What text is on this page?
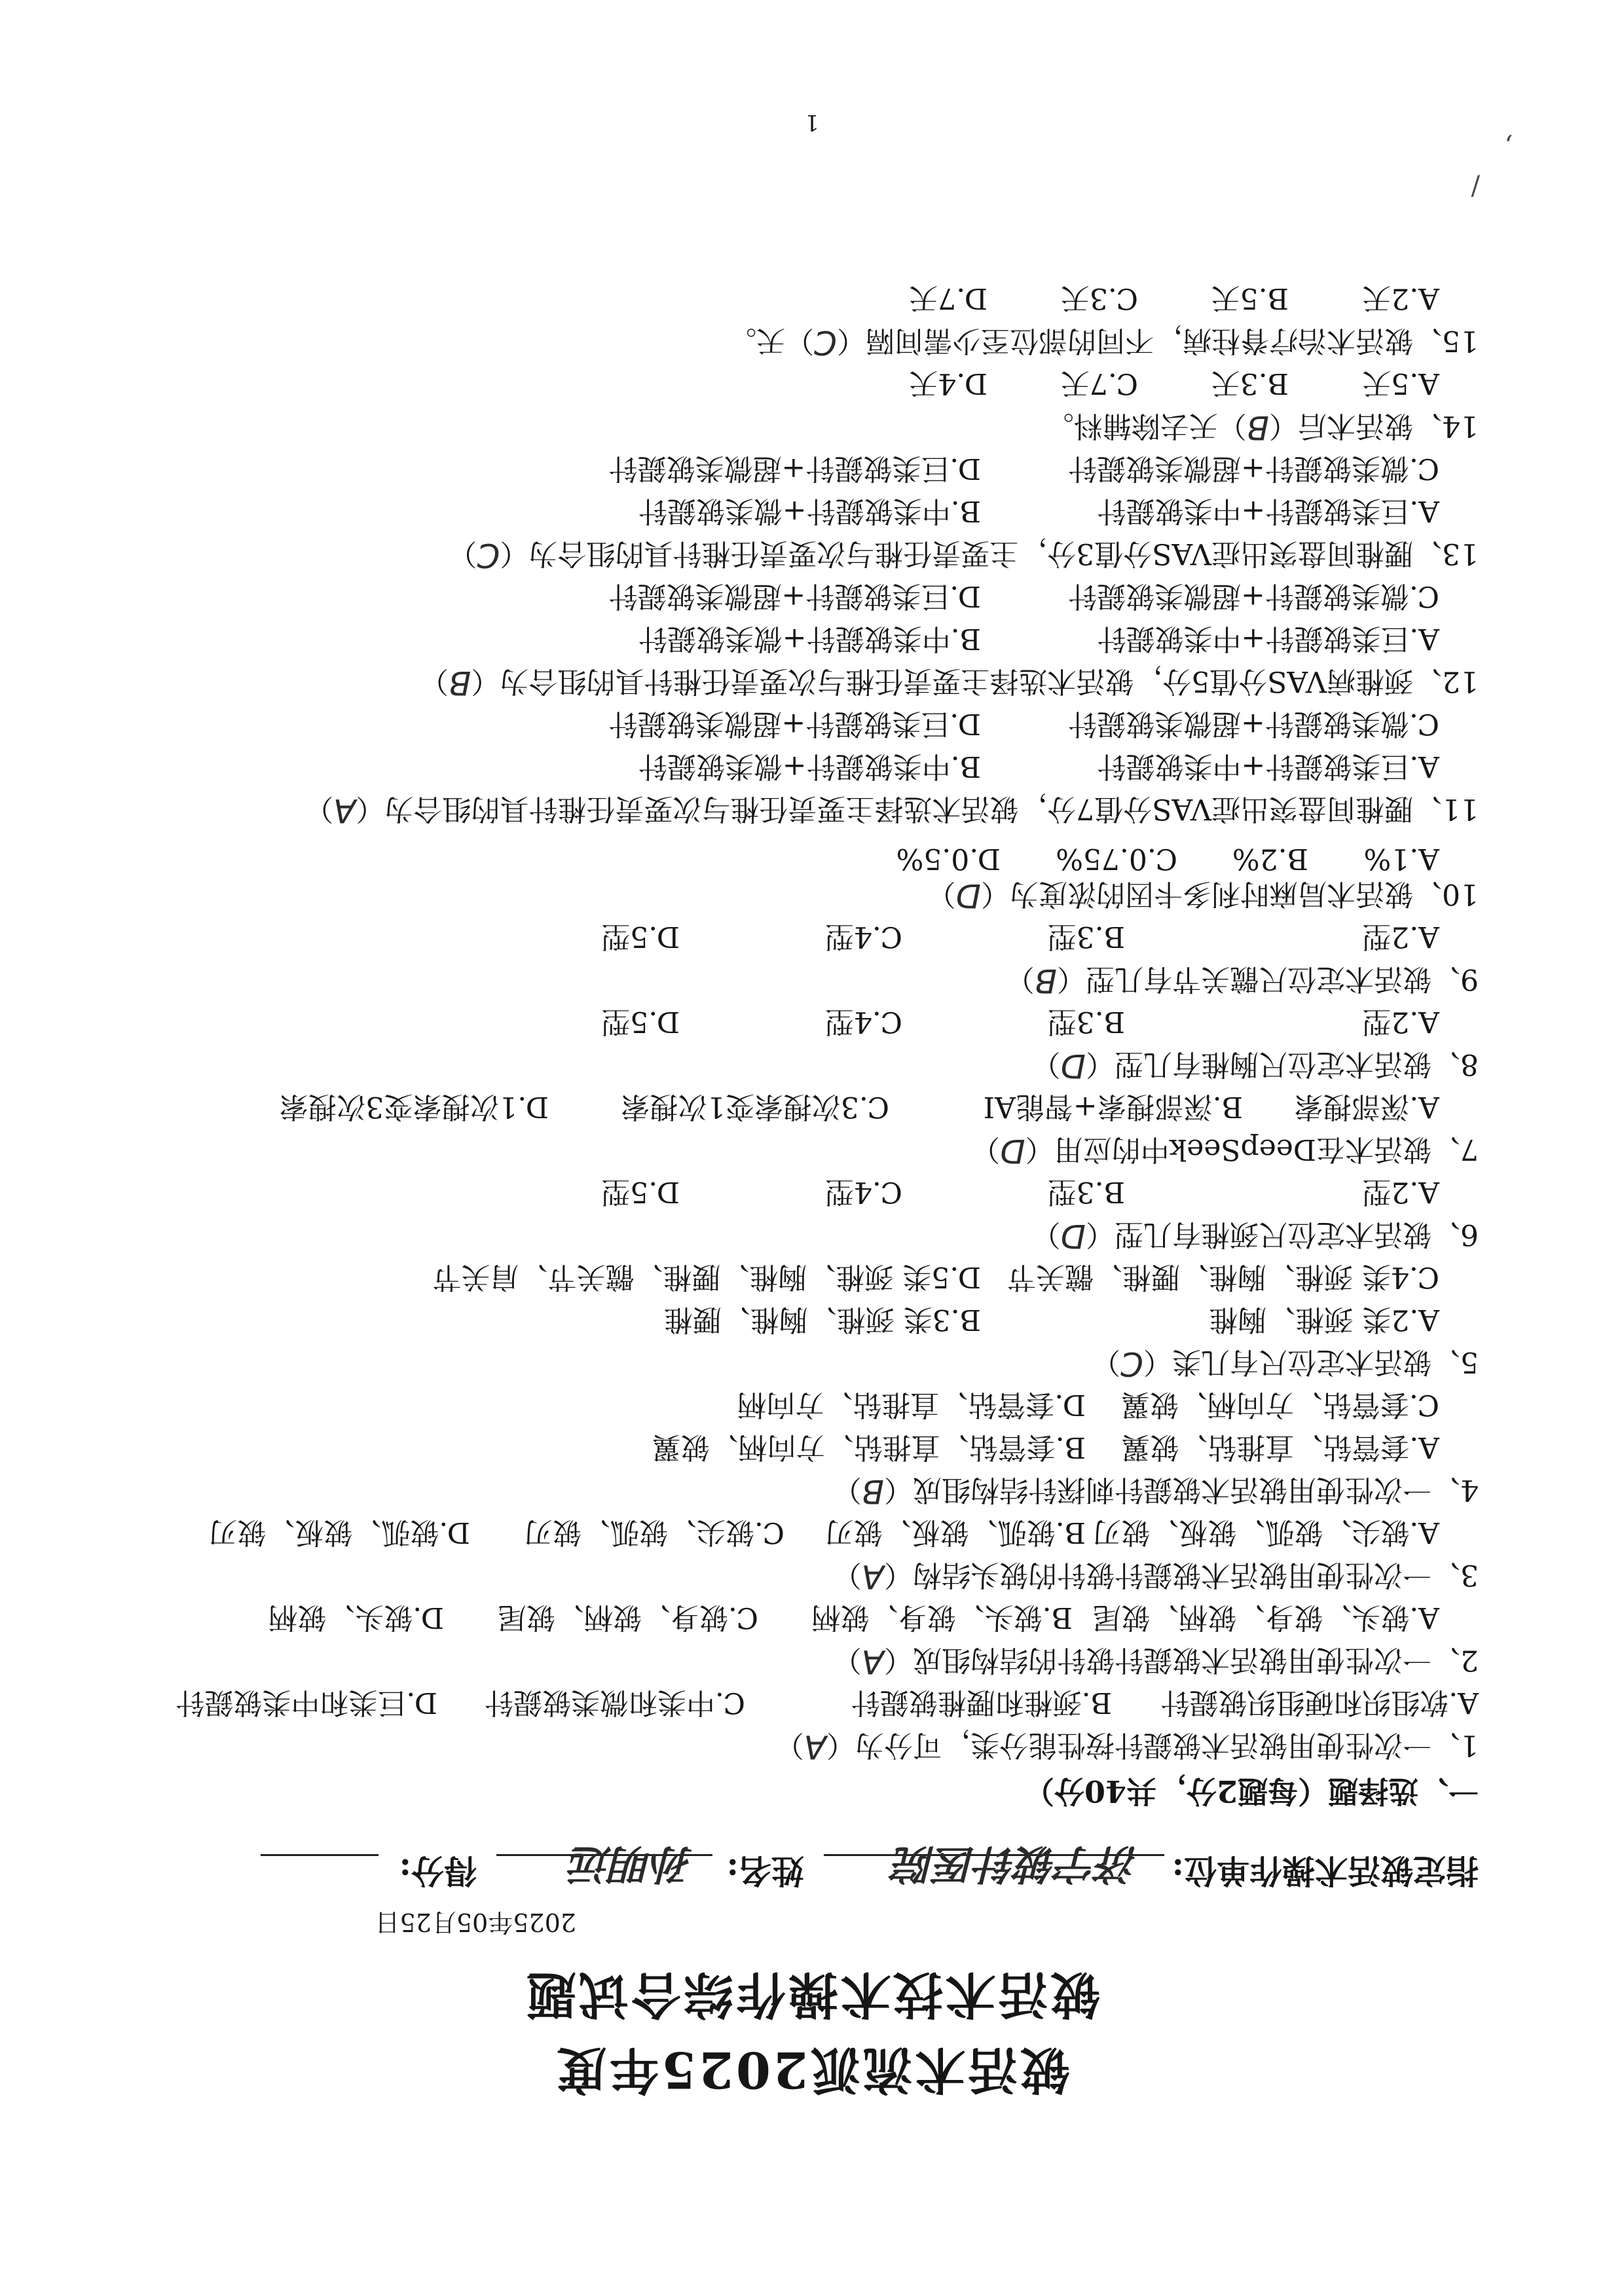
铍活术流派2025年度
铍活术技术操作综合试题
2025年05月25日
指定铍活术操作单位:
济宁铍针医院
姓名:
孙明远
得分:
一、选择题（每题2分，共40分）
1、一次性使用铍活术铍鍉针按性能分类，可分为（A）
A.软组织和硬组织铍鍉针
B.颈椎和腰椎铍鍉针
C.中类和微类铍鍉针
D.巨类和中类铍鍉针
2、一次性使用铍活术铍鍉针铍针的结构组成（A）
A.铍头、铍身、铍柄、铍尾
B.铍头、铍身、铍柄
C.铍身、铍柄、铍尾
D.铍头、铍柄
3、一次性使用铍活术铍鍉针铍针的铍头结构（A）
A.铍尖、铍弧、铍板、铍刃
B.铍弧、铍板、铍刃
C.铍尖、铍弧、铍刃
D.铍弧、铍板、铍刃
4、一次性使用铍活术铍鍉针刺探针结构组成（B）
A.套管钻、直推钻、铍翼
B.套管钻、直推钻、方向柄、铍翼
C.套管钻、方向柄、铍翼
D.套管钻、直推钻、方向柄
5、铍活术定位尺有几类（C）
A.2类 颈椎、胸椎
B.3类 颈椎、胸椎、腰椎
C.4类 颈椎、胸椎、腰椎、髋关节
D.5类 颈椎、胸椎、腰椎、髋关节、肩关节
6、铍活术定位尺颈椎有几型（D）
A.2型
B.3型
C.4型
D.5型
7、铍活术在DeepSeek中的应用（D）
A.深部搜索
B.深部搜索+智能AI
C.3次搜索变1次搜索
D.1次搜索变3次搜索
8、铍活术定位尺胸椎有几型（D）
A.2型
B.3型
C.4型
D.5型
9、铍活术定位尺髋关节有几型（B）
A.2型
B.3型
C.4型
D.5型
10、铍活术局麻时利多卡因的浓度为（D）
A.1%
B.2%
C.0.75%
D.0.5%
11、腰椎间盘突出症VAS分值7分，铍活术选择主要责任椎与次要责任椎针具的组合为（A）
A.巨类铍鍉针+中类铍鍉针
B.中类铍鍉针+微类铍鍉针
C.微类铍鍉针+超微类铍鍉针
D.巨类铍鍉针+超微类铍鍉针
12、颈椎病VAS分值5分，铍活术选择主要责任椎与次要责任椎针具的组合为（B）
A.巨类铍鍉针+中类铍鍉针
B.中类铍鍉针+微类铍鍉针
C.微类铍鍉针+超微类铍鍉针
D.巨类铍鍉针+超微类铍鍉针
13、腰椎间盘突出症VAS分值3分，主要责任椎与次要责任椎针具的组合为（C）
A.巨类铍鍉针+中类铍鍉针
B.中类铍鍉针+微类铍鍉针
C.微类铍鍉针+超微类铍鍉针
D.巨类铍鍉针+超微类铍鍉针
14、铍活术后（B）天去除辅料。
A.5天
B.3天
C.7天
D.4天
15、铍活术治疗脊柱病，不同的部位至少需间隔（C）天。
A.2天
B.5天
C.3天
D.7天
1
/
,
